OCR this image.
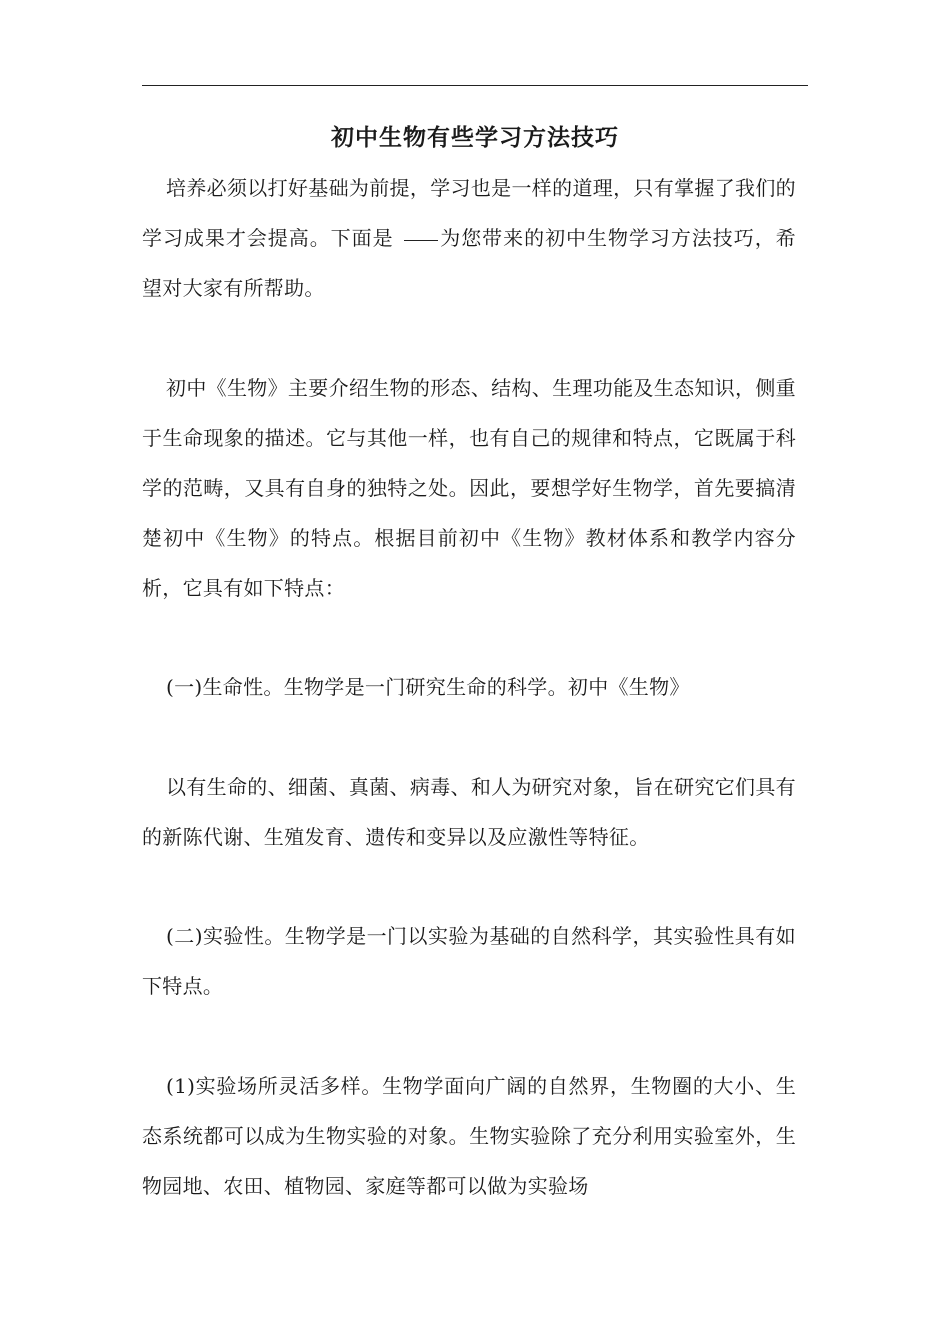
初中生物有些学习方法技巧

培养必须以打好基础为前提，学习也是一样的道理，只有掌握了我们的学习成果才会提高。下面是 为您带来的初中生物学习方法技巧，希望对大家有所帮助。

初中《生物》主要介绍生物的形态、结构、生理功能及生态知识，侧重于生命现象的描述。它与其他一样，也有自己的规律和特点，它既属于科学的范畴，又具有自身的独特之处。因此，要想学好生物学，首先要搞清楚初中《生物》的特点。根据目前初中《生物》教材体系和教学内容分析，它具有如下特点：

(一)生命性。生物学是一门研究生命的科学。初中《生物》

以有生命的、细菌、真菌、病毒、和人为研究对象，旨在研究它们具有的新陈代谢、生殖发育、遗传和变异以及应激性等特征。

(二)实验性。生物学是一门以实验为基础的自然科学，其实验性具有如下特点。

(1)实验场所灵活多样。生物学面向广阔的自然界，生物圈的大小、生态系统都可以成为生物实验的对象。生物实验除了充分利用实验室外，生物园地、农田、植物园、家庭等都可以做为实验场
